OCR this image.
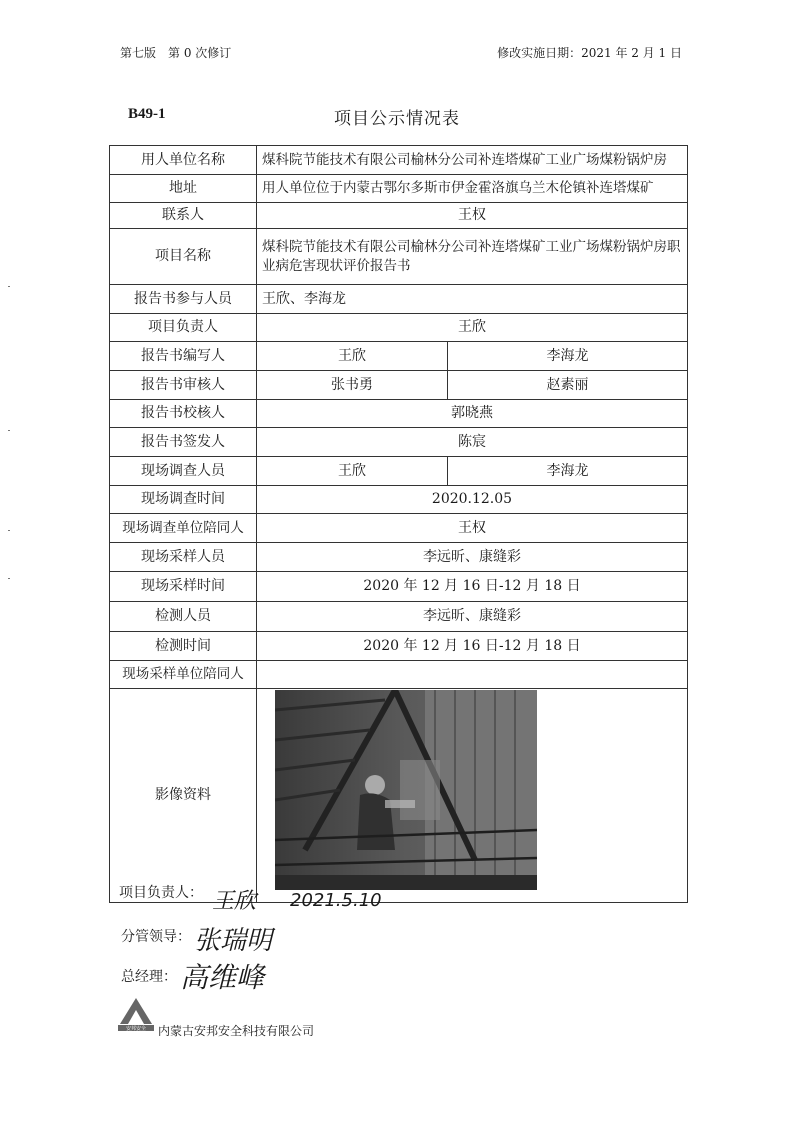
第七版　第 0 次修订	修改实施日期：2021 年 2 月 1 日
B49-1	项目公示情况表
用人单位名称	煤科院节能技术有限公司榆林分公司补连塔煤矿工业广场煤粉锅炉房	
地址	用人单位位于内蒙古鄂尔多斯市伊金霍洛旗乌兰木伦镇补连塔煤矿	
联系人	王权	
项目名称	煤科院节能技术有限公司榆林分公司补连塔煤矿工业广场煤粉锅炉房职业病危害现状评价报告书	
报告书参与人员	王欣、李海龙	
项目负责人	王欣	
报告书编写人	王欣	李海龙
报告书审核人	张书勇	赵素丽
报告书校核人	郭晓燕	
报告书签发人	陈宸	
现场调查人员	王欣	李海龙
现场调查时间	2020.12.05	
现场调查单位陪同人	王权	
现场采样人员	李远昕、康缝彩	
现场采样时间	2020 年 12 月 16 日-12 月 18 日	
检测人员	李远昕、康缝彩	
检测时间	2020 年 12 月 16 日-12 月 18 日	
现场采样单位陪同人		
影像资料	
项目负责人： 王欣 2021.5.10
分管领导： 张瑞明
总经理： 高维峰
安邦安全 内蒙古安邦安全科技有限公司
